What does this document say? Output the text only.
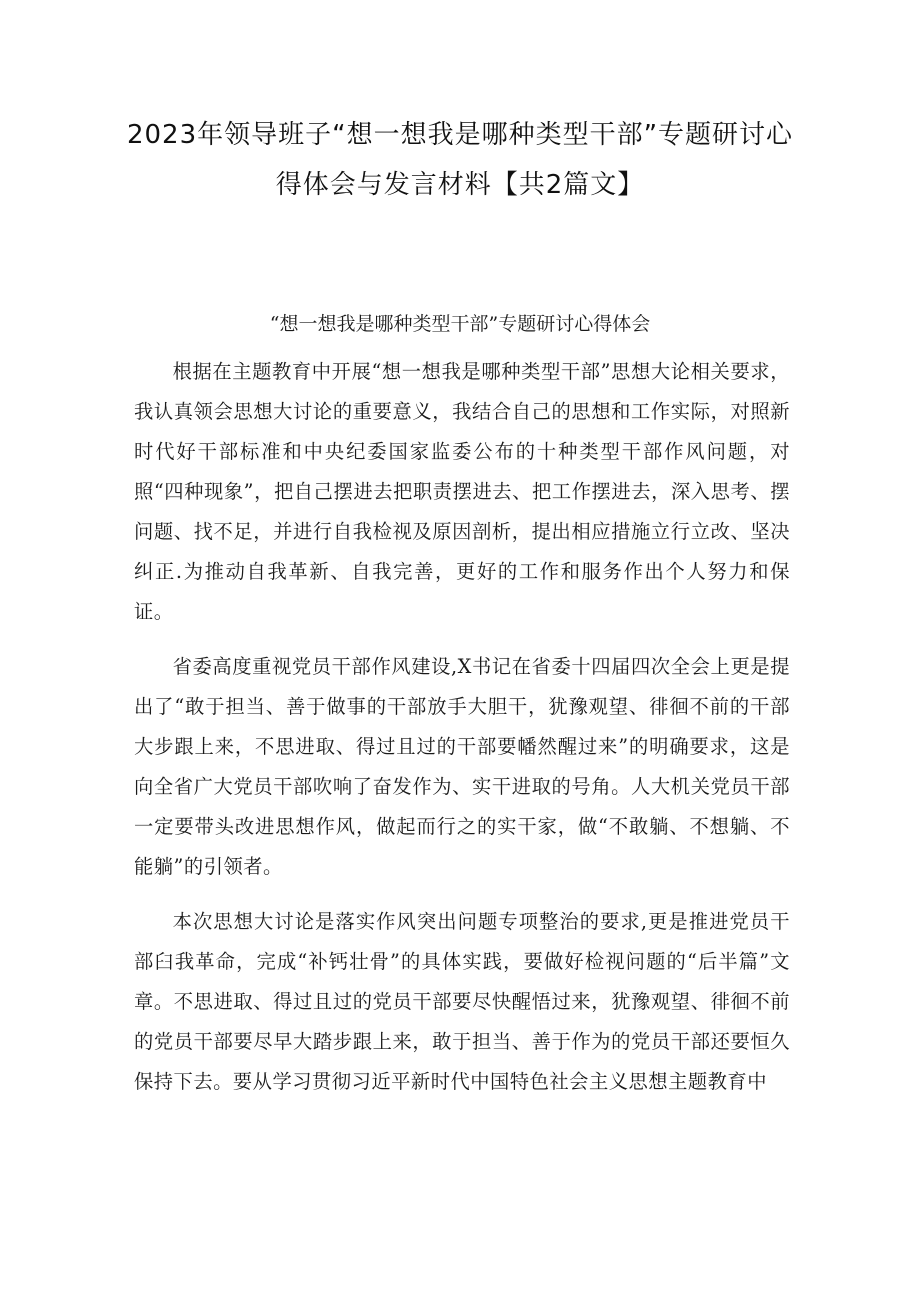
2023年领导班子“想一想我是哪种类型干部”专题研讨心得体会与发言材料【共2篇文】
“想一想我是哪种类型干部”专题研讨心得体会

根据在主题教育中开展“想一想我是哪种类型干部”思想大论相关要求，我认真领会思想大讨论的重要意义，我结合自己的思想和工作实际，对照新时代好干部标准和中央纪委国家监委公布的十种类型干部作风问题，对照“四种现象”，把自己摆进去把职责摆进去、把工作摆进去，深入思考、摆问题、找不足，并进行自我检视及原因剖析，提出相应措施立行立改、坚决纠正.为推动自我革新、自我完善，更好的工作和服务作出个人努力和保证。

省委高度重视党员干部作风建设,X书记在省委十四届四次全会上更是提出了“敢于担当、善于做事的干部放手大胆干，犹豫观望、徘徊不前的干部大步跟上来，不思进取、得过且过的干部要幡然醒过来”的明确要求，这是向全省广大党员干部吹响了奋发作为、实干进取的号角。人大机关党员干部一定要带头改进思想作风，做起而行之的实干家，做“不敢躺、不想躺、不能躺”的引领者。

本次思想大讨论是落实作风突出问题专项整治的要求,更是推进党员干部臼我革命，完成“补钙壮骨”的具体实践，要做好检视问题的“后半篇”文章。不思进取、得过且过的党员干部要尽快醒悟过来，犹豫观望、徘徊不前的党员干部要尽早大踏步跟上来，敢于担当、善于作为的党员干部还要恒久保持下去。要从学习贯彻习近平新时代中国特色社会主义思想主题教育中
